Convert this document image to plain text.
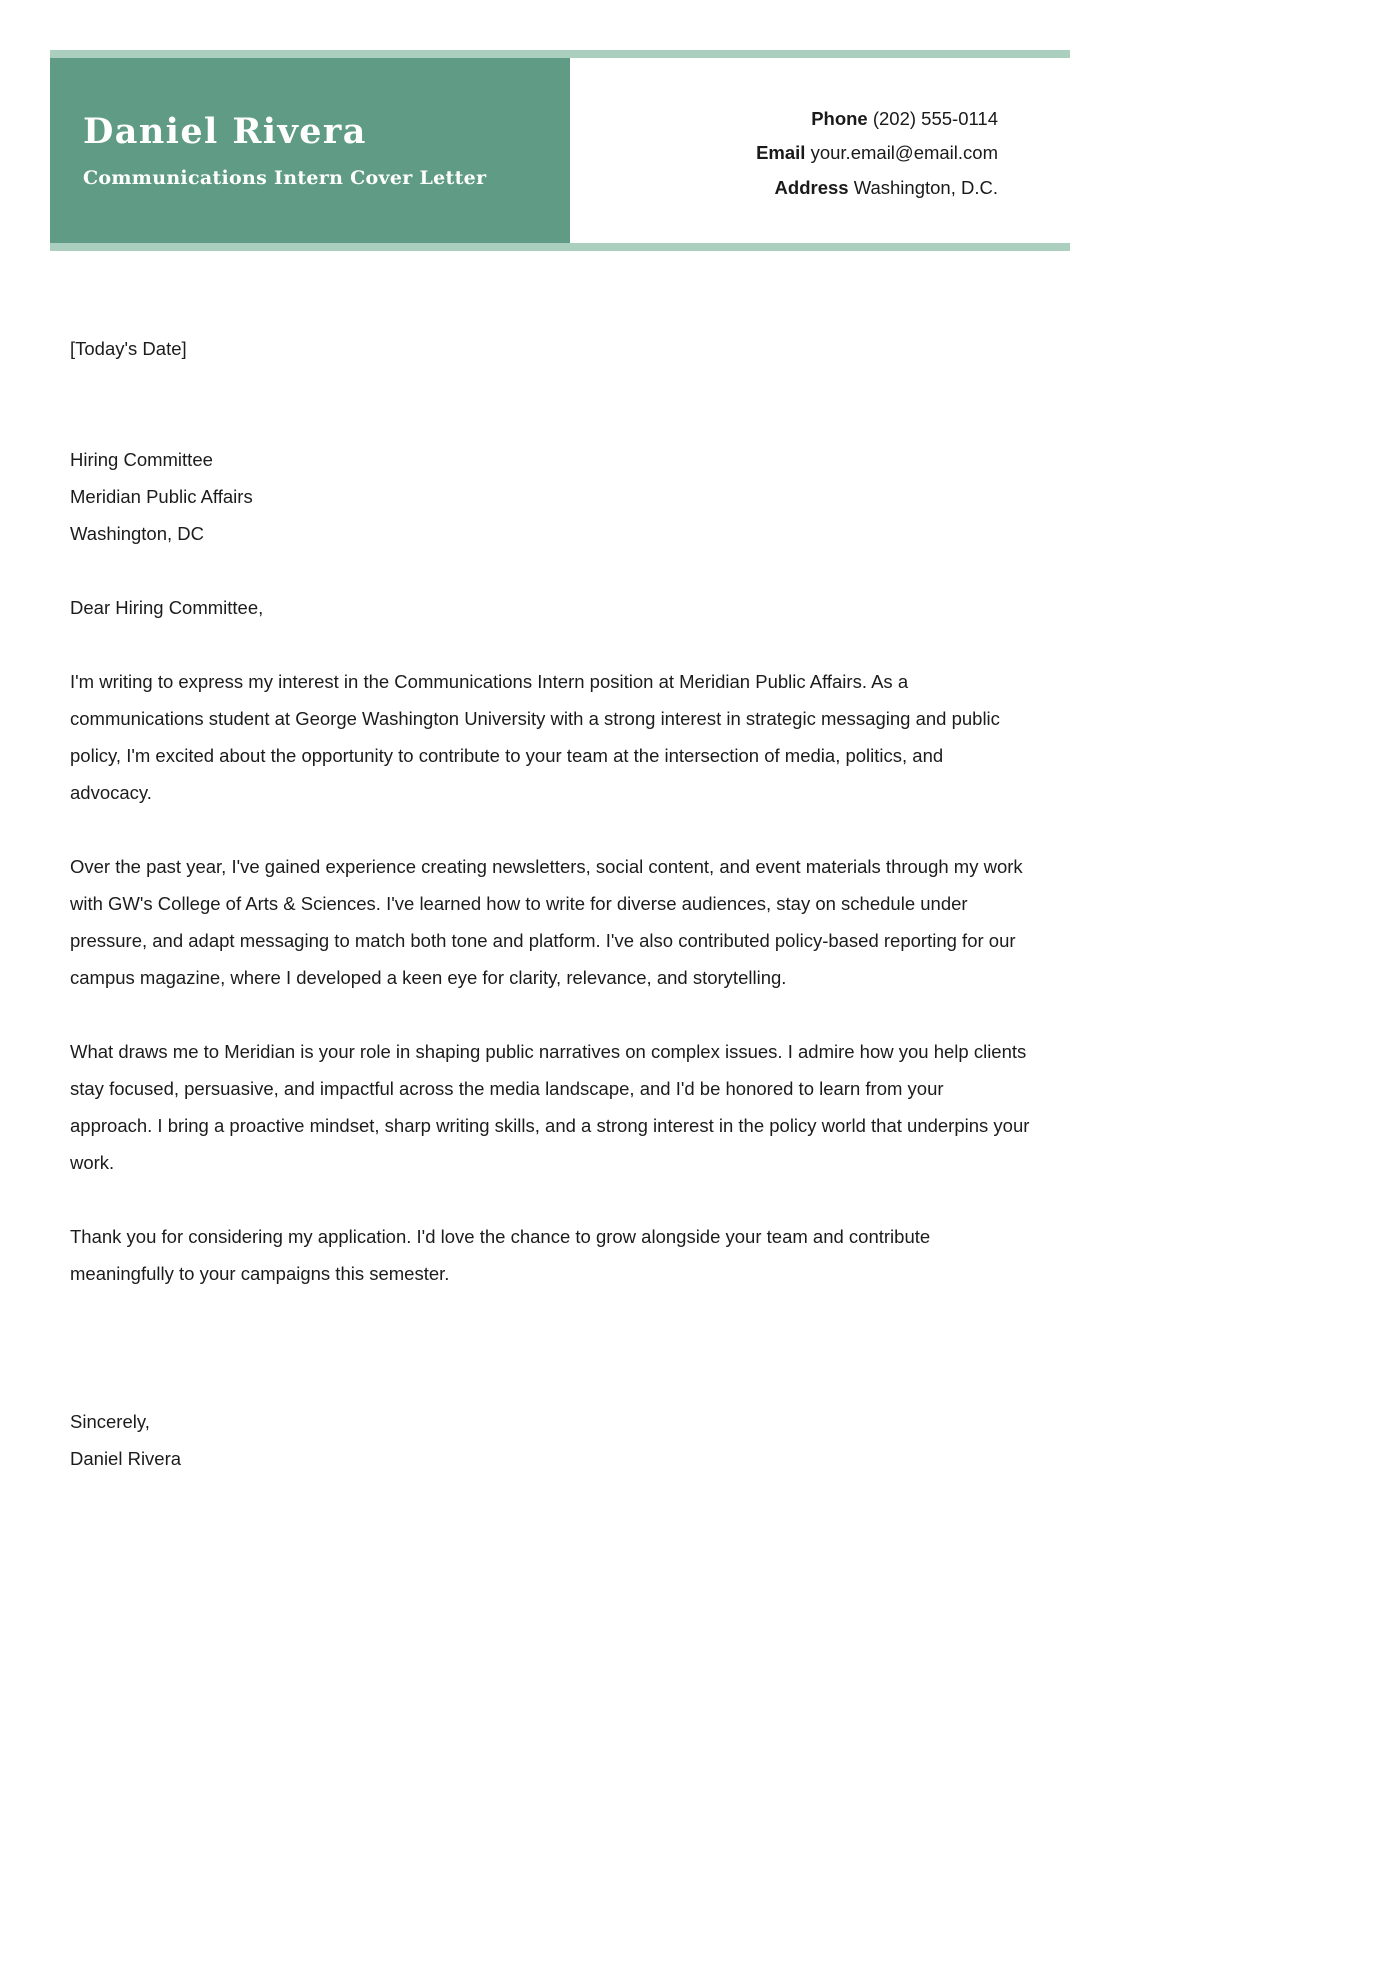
Daniel Rivera
Communications Intern Cover Letter
Phone (202) 555-0114
Email your.email@email.com
Address Washington, D.C.
[Today's Date]
Hiring Committee
Meridian Public Affairs
Washington, DC
Dear Hiring Committee,
I'm writing to express my interest in the Communications Intern position at Meridian Public Affairs. As a communications student at George Washington University with a strong interest in strategic messaging and public policy, I'm excited about the opportunity to contribute to your team at the intersection of media, politics, and advocacy.
Over the past year, I've gained experience creating newsletters, social content, and event materials through my work with GW's College of Arts & Sciences. I've learned how to write for diverse audiences, stay on schedule under pressure, and adapt messaging to match both tone and platform. I've also contributed policy-based reporting for our campus magazine, where I developed a keen eye for clarity, relevance, and storytelling.
What draws me to Meridian is your role in shaping public narratives on complex issues. I admire how you help clients stay focused, persuasive, and impactful across the media landscape, and I'd be honored to learn from your approach. I bring a proactive mindset, sharp writing skills, and a strong interest in the policy world that underpins your work.
Thank you for considering my application. I'd love the chance to grow alongside your team and contribute meaningfully to your campaigns this semester.
Sincerely,
Daniel Rivera
